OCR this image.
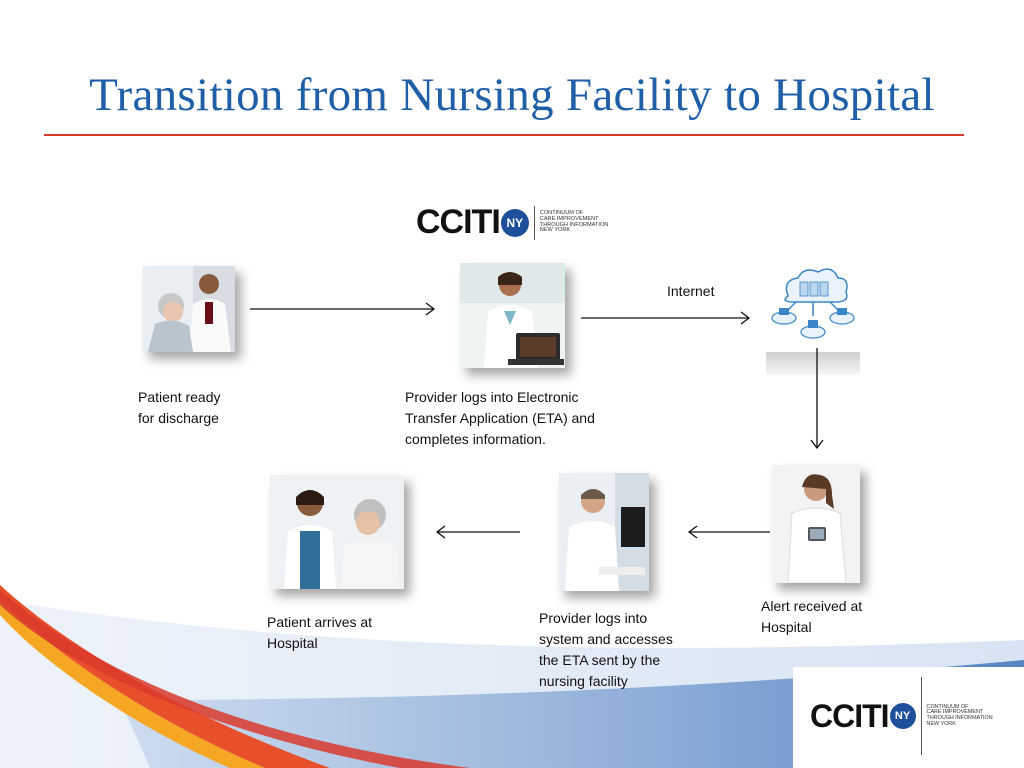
Transition from Nursing Facility to Hospital
CCITI NY
CONTINUUM OF
CARE IMPROVEMENT
THROUGH INFORMATION
NEW YORK
Internet
Patient ready
for discharge
Provider logs into Electronic
Transfer Application (ETA) and
completes information.
Alert received at
Hospital
Provider logs into
system and accesses
the ETA sent by the
nursing facility
Patient arrives at
Hospital
CCITI NY
CONTINUUM OF
CARE IMPROVEMENT
THROUGH INFORMATION
NEW YORK
